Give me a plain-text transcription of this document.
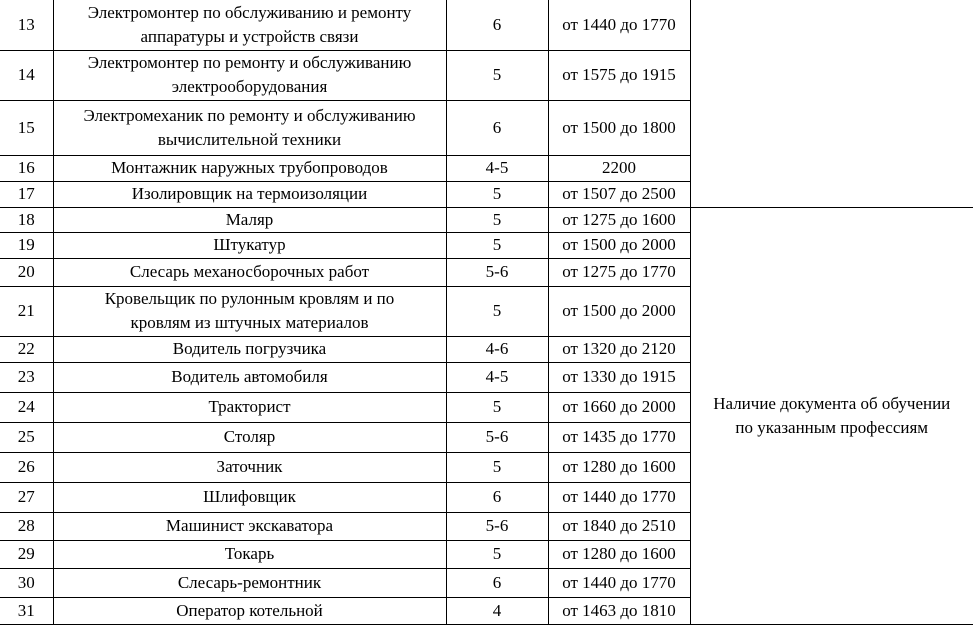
13	Электромонтер по обслуживанию и ремонту
аппаратуры и устройств связи	6	от 1440 до 1770	
14	Электромонтер по ремонту и обслуживанию
электрооборудования	5	от 1575 до 1915	
15	Электромеханик по ремонту и обслуживанию
вычислительной техники	6	от 1500 до 1800	
16	Монтажник наружных трубопроводов	4-5	2200	
17	Изолировщик на термоизоляции	5	от 1507 до 2500	
18	Маляр	5	от 1275 до 1600	Наличие документа об обучении
по указанным профессиям

19	Штукатур	5	от 1500 до 2000	
20	Слесарь механосборочных работ	5-6	от 1275 до 1770	
21	Кровельщик по рулонным кровлям и по
кровлям из штучных материалов	5	от 1500 до 2000	
22	Водитель погрузчика	4-6	от 1320 до 2120	
23	Водитель автомобиля	4-5	от 1330 до 1915	
24	Тракторист	5	от 1660 до 2000	
25	Столяр	5-6	от 1435 до 1770	
26	Заточник	5	от 1280 до 1600	
27	Шлифовщик	6	от 1440 до 1770	
28	Машинист экскаватора	5-6	от 1840 до 2510	
29	Токарь	5	от 1280 до 1600	
30	Слесарь-ремонтник	6	от 1440 до 1770	
31	Оператор котельной	4	от 1463 до 1810	
